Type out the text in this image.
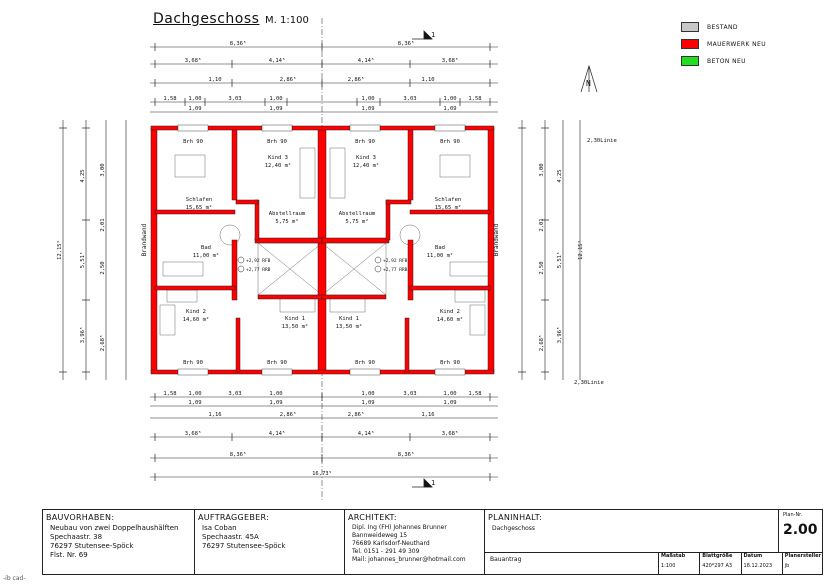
Dachgeschoss M. 1:100
BESTAND
MAUERWERK NEU
BETON NEU
N
1
1
8,36⁵	8,36⁵
3,68⁵	4,14⁵	4,14⁵	3,68⁵
1,10	2,86⁵	2,86⁵	1,10
1,58 1,00	3,03	1,00	1,00	3,03	1,00 1,58
1,09	1,09	1,09	1,09
1,58 1,00	3,03	1,00	1,00	3,03	1,00 1,58
1,09	1,09	1,09	1,09
1,16	2,86⁵	2,86⁵	1,16
3,68⁵	4,14⁵	4,14⁵	3,68⁵
8,36⁵	8,36⁵
16,73⁵
12,15⁵
4,25
5,51⁵
3,96⁵
3,00
2,01
2,50
2,68⁵
12,15⁵
4,25
5,51⁵
3,96⁵
3,00
2,01
2,50
2,68⁵
2,30Linie
2,30Linie
Brandwand	Brandwand
Brh 90	Brh 90	Brh 90	Brh 90
Brh 90	Brh 90	Brh 90	Brh 90
Schlafen
15,65 m²
Kind 3
12,40 m²
Kind 3
12,40 m²
Schlafen
15,65 m²
Abstellraum
5,75 m²
Abstellraum
5,75 m²
Bad
11,00 m²
Bad
11,00 m²
Kind 2
14,60 m²	Kind 1
13,50 m²
Kind 1
13,50 m²
Kind 2
14,60 m²
+2,92 RFB
+2,77 RRB
+2,92 RFB
+2,77 RRB
BAUVORHABEN:
Neubau von zwei Doppelhaushälften
Spechaastr. 38
76297 Stutensee-Spöck
Flst. Nr. 69
AUFTRAGGEBER:
Isa Coban
Spechaastr. 45A
76297 Stutensee-Spöck
ARCHITEKT:
Dipl. Ing (FH) Johannes Brunner
Bannweideweg 15
76689 Karlsdorf-Neuthard
Tel. 0151 - 291 49 309
Mail: johannes_brunner@hotmail.com
PLANINHALT:
Dachgeschoss
Bauantrag	Maßstab
1:100
Blattgröße
420*297 A3
Datum
18.12.2023
Planersteller
jb
Plan-Nr.
2.00
-ib cad-
